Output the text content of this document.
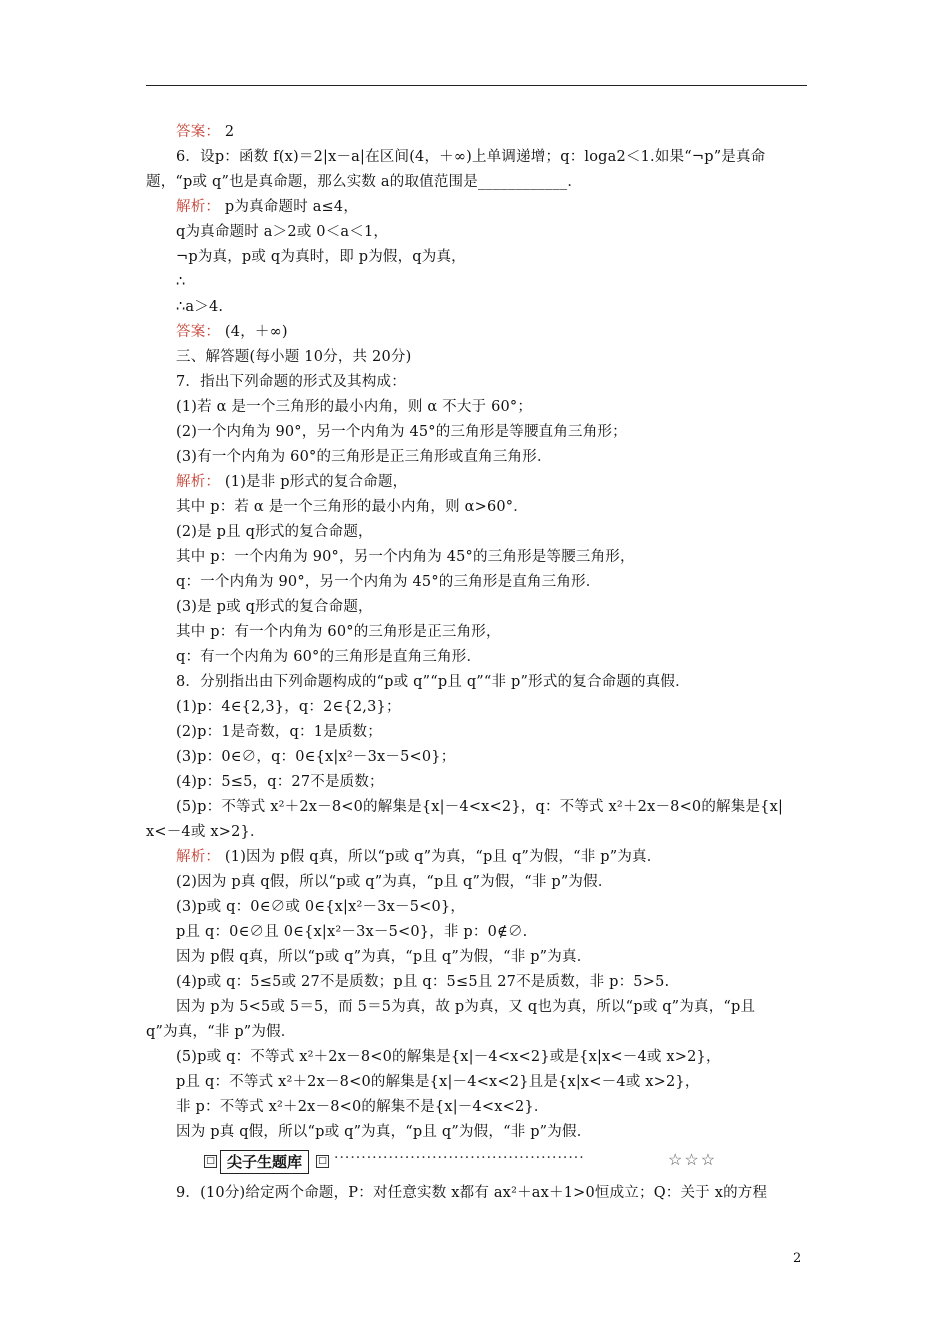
答案： 2
6．设p：函数 f(x)＝2|x－a|在区间(4，＋∞)上单调递增；q：loga2＜1.如果“¬p”是真命
题，“p或 q”也是真命题，那么实数 a的取值范围是____________．
解析： p为真命题时 a≤4，
q为真命题时 a＞2或 0＜a＜1，
¬p为真，p或 q为真时，即 p为假，q为真，
∴
∴a＞4.
答案： (4，＋∞)
三、解答题(每小题 10分，共 20分)
7．指出下列命题的形式及其构成：
(1)若 α 是一个三角形的最小内角，则 α 不大于 60°；
(2)一个内角为 90°，另一个内角为 45°的三角形是等腰直角三角形；
(3)有一个内角为 60°的三角形是正三角形或直角三角形．
解析： (1)是非 p形式的复合命题，
其中 p：若 α 是一个三角形的最小内角，则 α>60°．
(2)是 p且 q形式的复合命题，
其中 p：一个内角为 90°，另一个内角为 45°的三角形是等腰三角形，
q：一个内角为 90°，另一个内角为 45°的三角形是直角三角形．
(3)是 p或 q形式的复合命题，
其中 p：有一个内角为 60°的三角形是正三角形，
q：有一个内角为 60°的三角形是直角三角形．
8．分别指出由下列命题构成的“p或 q”“p且 q”“非 p”形式的复合命题的真假．
(1)p：4∈{2,3}，q：2∈{2,3}；
(2)p：1是奇数，q：1是质数；
(3)p：0∈∅，q：0∈{x|x²－3x－5<0}；
(4)p：5≤5，q：27不是质数；
(5)p：不等式 x²＋2x－8<0的解集是{x|－4<x<2}，q：不等式 x²＋2x－8<0的解集是{x|
x<－4或 x>2}．
解析： (1)因为 p假 q真，所以“p或 q”为真，“p且 q”为假，“非 p”为真．
(2)因为 p真 q假，所以“p或 q”为真，“p且 q”为假，“非 p”为假．
(3)p或 q：0∈∅或 0∈{x|x²－3x－5<0}，
p且 q：0∈∅且 0∈{x|x²－3x－5<0}，非 p：0∉∅.
因为 p假 q真，所以“p或 q”为真，“p且 q”为假，“非 p”为真．
(4)p或 q：5≤5或 27不是质数；p且 q：5≤5且 27不是质数，非 p：5>5.
因为 p为 5<5或 5＝5，而 5＝5为真，故 p为真，又 q也为真，所以“p或 q”为真，“p且
q”为真，“非 p”为假．
(5)p或 q：不等式 x²＋2x－8<0的解集是{x|－4<x<2}或是{x|x<－4或 x>2}，
p且 q：不等式 x²＋2x－8<0的解集是{x|－4<x<2}且是{x|x<－4或 x>2}，
非 p：不等式 x²＋2x－8<0的解集不是{x|－4<x<2}．
因为 p真 q假，所以“p或 q”为真，“p且 q”为假，“非 p”为假．
□ 尖子生题库	□ ··············································	☆☆☆
9．(10分)给定两个命题，P：对任意实数 x都有 ax²＋ax＋1>0恒成立；Q：关于 x的方程
2
